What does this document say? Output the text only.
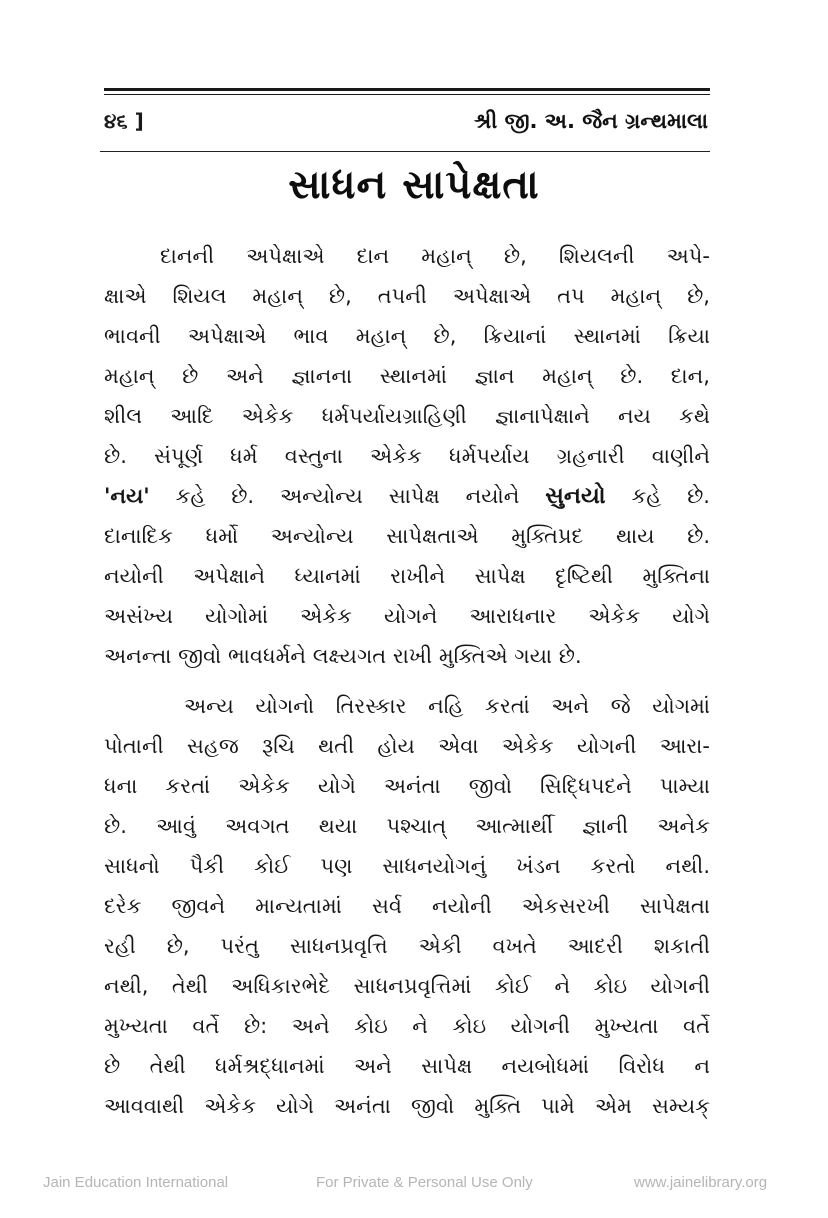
૪૬ ]	શ્રી જી. અ. જૈન ગ્રન્થમાલા
સાધન સાપેક્ષતા

દાનની અપેક્ષાએ દાન મહાન્ છે, શિયલની અપે-
ક્ષાએ શિયલ મહાન્ છે, તપની અપેક્ષાએ તપ મહાન્ છે,
ભાવની અપેક્ષાએ ભાવ મહાન્ છે, ક્રિયાનાં સ્થાનમાં ક્રિયા
મહાન્ છે અને જ્ઞાનના સ્થાનમાં જ્ઞાન મહાન્ છે. દાન,
શીલ આદિ એકેક ધર્મપર્યાયગ્રાહિણી જ્ઞાનાપેક્ષાને નય કથે
છે. સંપૂર્ણ ધર્મ વસ્તુના એકેક ધર્મપર્યાય ગ્રહનારી વાણીને
'નય' કહે છે. અન્યોન્ય સાપેક્ષ નયોને સુનયો કહે છે.
દાનાદિક ધર્મો અન્યોન્ય સાપેક્ષતાએ મુક્તિપ્રદ થાય છે.
નયોની અપેક્ષાને ધ્યાનમાં રાખીને સાપેક્ષ દૃષ્ટિથી મુક્તિના
અસંખ્ય યોગોમાં એકેક યોગને આરાધનાર એકેક યોગે
અનન્તા જીવો ભાવધર્મને લક્ષ્યગત રાખી મુક્તિએ ગયા છે.

અન્ય યોગનો તિરસ્કાર નહિ કરતાં અને જે યોગમાં
પોતાની સહજ રૂચિ થતી હોય એવા એકેક યોગની આરા-
ધના કરતાં એકેક યોગે અનંતા જીવો સિદ્ધિપદને પામ્યા
છે. આવું અવગત થયા પશ્ચાત્ આત્માર્થી જ્ઞાની અનેક
સાધનો પૈકી કોઈ પણ સાધનયોગનું ખંડન કરતો નથી.
દરેક જીવને માન્યતામાં સર્વ નયોની એકસરખી સાપેક્ષતા
રહી છે, પરંતુ સાધનપ્રવૃત્તિ એકી વખતે આદરી શકાતી
નથી, તેથી અધિકારભેદે સાધનપ્રવૃત્તિમાં કોઈ ને કોઇ યોગની
મુખ્યતા વર્તે છે: અને કોઇ ને કોઇ યોગની મુખ્યતા વર્તે
છે તેથી ધર્મશ્રદ્ધાનમાં અને સાપેક્ષ નયબોધમાં વિરોધ ન
આવવાથી એકેક યોગે અનંતા જીવો મુક્તિ પામે એમ સમ્યક્

Jain Education International	For Private & Personal Use Only	www.jainelibrary.org
